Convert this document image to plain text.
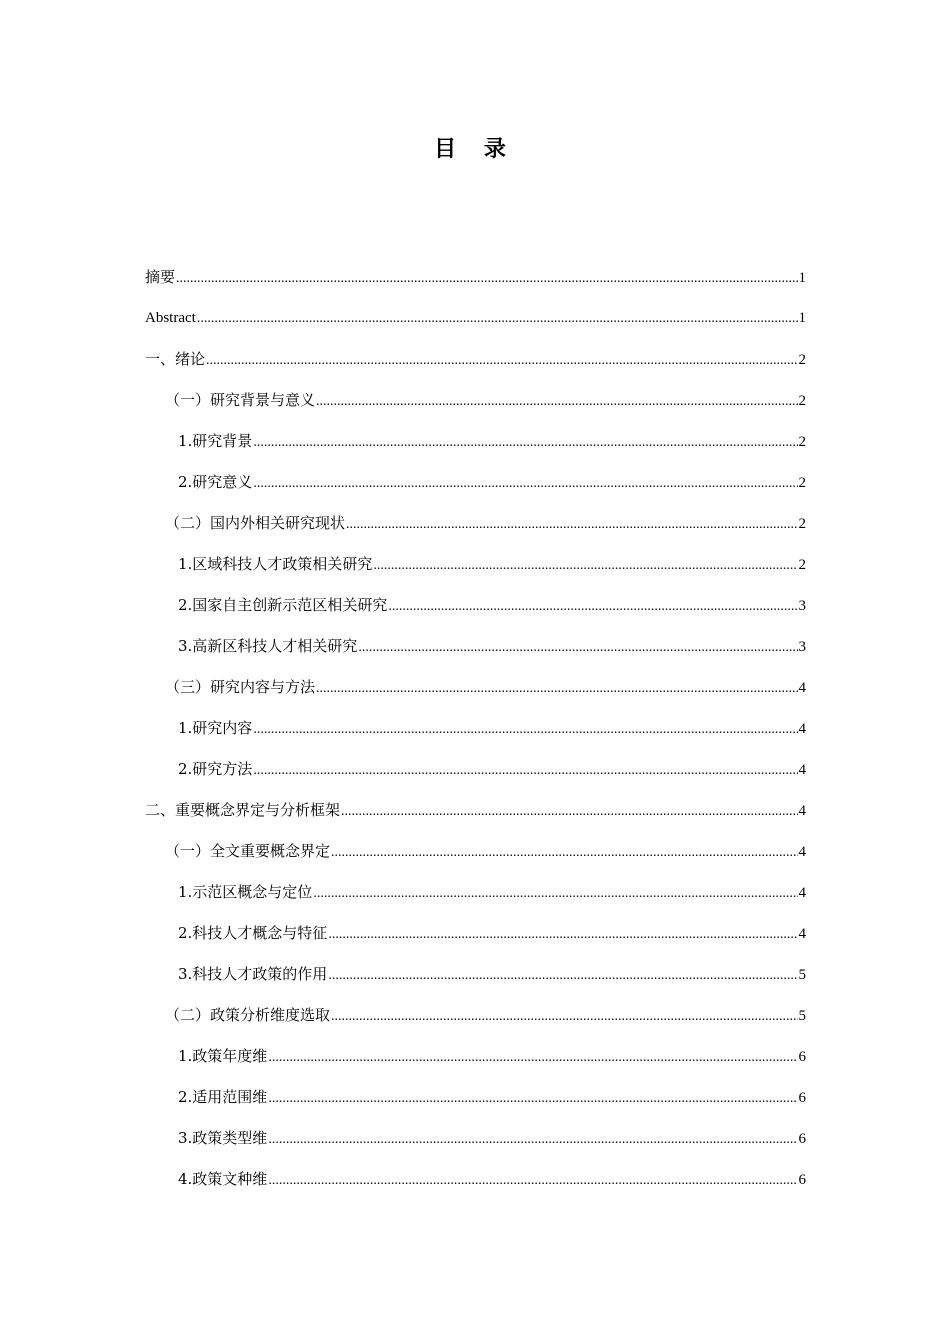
目 录
摘要 .....	1
Abstract .....	1
一、绪论 .....	2
（一）研究背景与意义 .....	2
1.研究背景 .....	2
2.研究意义 .....	2
（二）国内外相关研究现状 .....	2
1.区域科技人才政策相关研究 .....	2
2.国家自主创新示范区相关研究 .....	3
3.高新区科技人才相关研究 .....	3
（三）研究内容与方法 .....	4
1.研究内容 .....	4
2.研究方法 .....	4
二、重要概念界定与分析框架 .....	4
（一）全文重要概念界定 .....	4
1.示范区概念与定位 .....	4
2.科技人才概念与特征 .....	4
3.科技人才政策的作用 .....	5
（二）政策分析维度选取 .....	5
1.政策年度维 .....	6
2.适用范围维 .....	6
3.政策类型维 .....	6
4.政策文种维 .....	6
